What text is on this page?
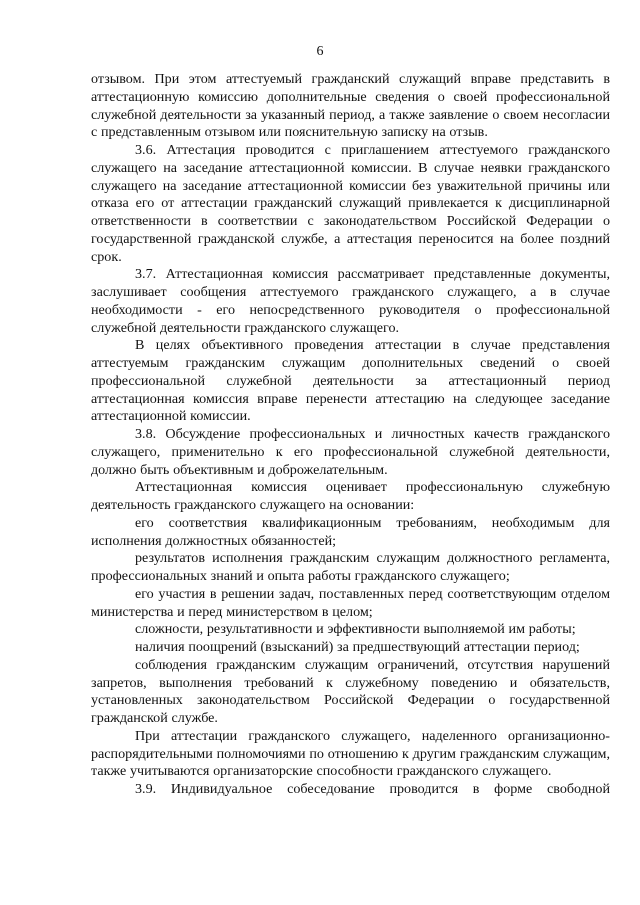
6

отзывом. При этом аттестуемый гражданский служащий вправе представить в аттестационную комиссию дополнительные сведения о своей профессиональной служебной деятельности за указанный период, а также заявление о своем несогласии с представленным отзывом или пояснительную записку на отзыв.

3.6. Аттестация проводится с приглашением аттестуемого гражданского служащего на заседание аттестационной комиссии. В случае неявки гражданского служащего на заседание аттестационной комиссии без уважительной причины или отказа его от аттестации гражданский служащий привлекается к дисциплинарной ответственности в соответствии с законодательством Российской Федерации о государственной гражданской службе, а аттестация переносится на более поздний срок.

3.7. Аттестационная комиссия рассматривает представленные документы, заслушивает сообщения аттестуемого гражданского служащего, а в случае необходимости - его непосредственного руководителя о профессиональной служебной деятельности гражданского служащего.

В целях объективного проведения аттестации в случае представления аттестуемым гражданским служащим дополнительных сведений о своей профессиональной служебной деятельности за аттестационный период аттестационная комиссия вправе перенести аттестацию на следующее заседание аттестационной комиссии.

3.8. Обсуждение профессиональных и личностных качеств гражданского служащего, применительно к его профессиональной служебной деятельности, должно быть объективным и доброжелательным.

Аттестационная комиссия оценивает профессиональную служебную деятельность гражданского служащего на основании:

его соответствия квалификационным требованиям, необходимым для исполнения должностных обязанностей;

результатов исполнения гражданским служащим должностного регламента, профессиональных знаний и опыта работы гражданского служащего;

его участия в решении задач, поставленных перед соответствующим отделом министерства и перед министерством в целом;

сложности, результативности и эффективности выполняемой им работы;

наличия поощрений (взысканий) за предшествующий аттестации период;

соблюдения гражданским служащим ограничений, отсутствия нарушений запретов, выполнения требований к служебному поведению и обязательств, установленных законодательством Российской Федерации о государственной гражданской службе.

При аттестации гражданского служащего, наделенного организационно-распорядительными полномочиями по отношению к другим гражданским служащим, также учитываются организаторские способности гражданского служащего.

3.9. Индивидуальное собеседование проводится в форме свободной
